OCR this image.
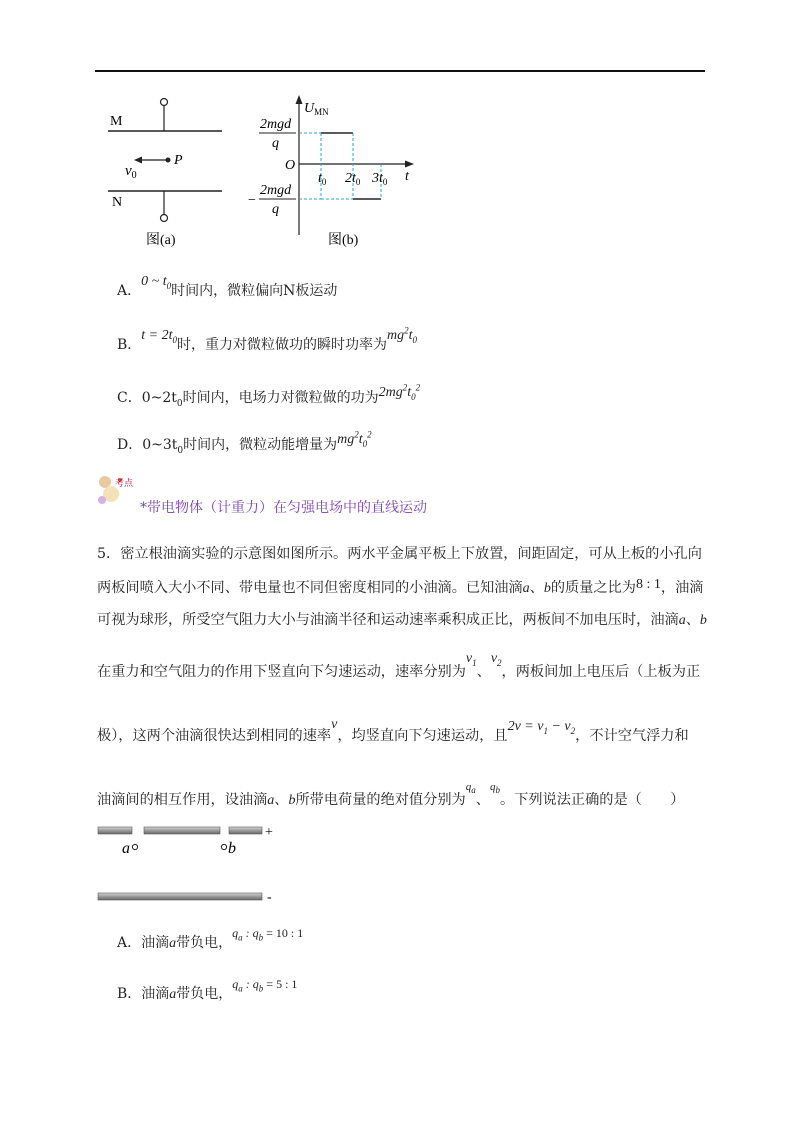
M
N
P
$v_0$
图(a)
$U_{MN}$
t
O
2mgd
q
−
2mgd
q
$t_0$ $2t_0$ $3t_0$
图(b)
A．0 ~ $t_0$时间内，微粒偏向N板运动
B．$t = 2t_0$时，重力对微粒做功的瞬时功率为$mg^2t_0$
C．$0\sim 2t_0$时间内，电场力对微粒做的功为$2mg^2t_0^2$
D．$0\sim 3t_0$时间内，微粒动能增量为$mg^2t_0^2$
考点
*带电物体（计重力）在匀强电场中的直线运动
5．密立根油滴实验的示意图如图所示。两水平金属平板上下放置，间距固定，可从上板的小孔向
两板间喷入大小不同、带电量也不同但密度相同的小油滴。已知油滴a、b的质量之比为8 : 1，油滴
可视为球形，所受空气阻力大小与油滴半径和运动速率乘积成正比，两板间不加电压时，油滴a、b
在重力和空气阻力的作用下竖直向下匀速运动，速率分别为$v_1$、$v_2$，两板间加上电压后（上板为正
极），这两个油滴很快达到相同的速率v，均竖直向下匀速运动，且$2v = v_1 - v_2$，不计空气浮力和
油滴间的相互作用，设油滴a、b所带电荷量的绝对值分别为$^{q_a}$、$^{q_b}$。下列说法正确的是（　　）
+
a	b
-
A．油滴a带负电，$q_a$ : $q_b = 10$ : 1
B．油滴a带负电，$q_a$ : $q_b = 5$ : 1
